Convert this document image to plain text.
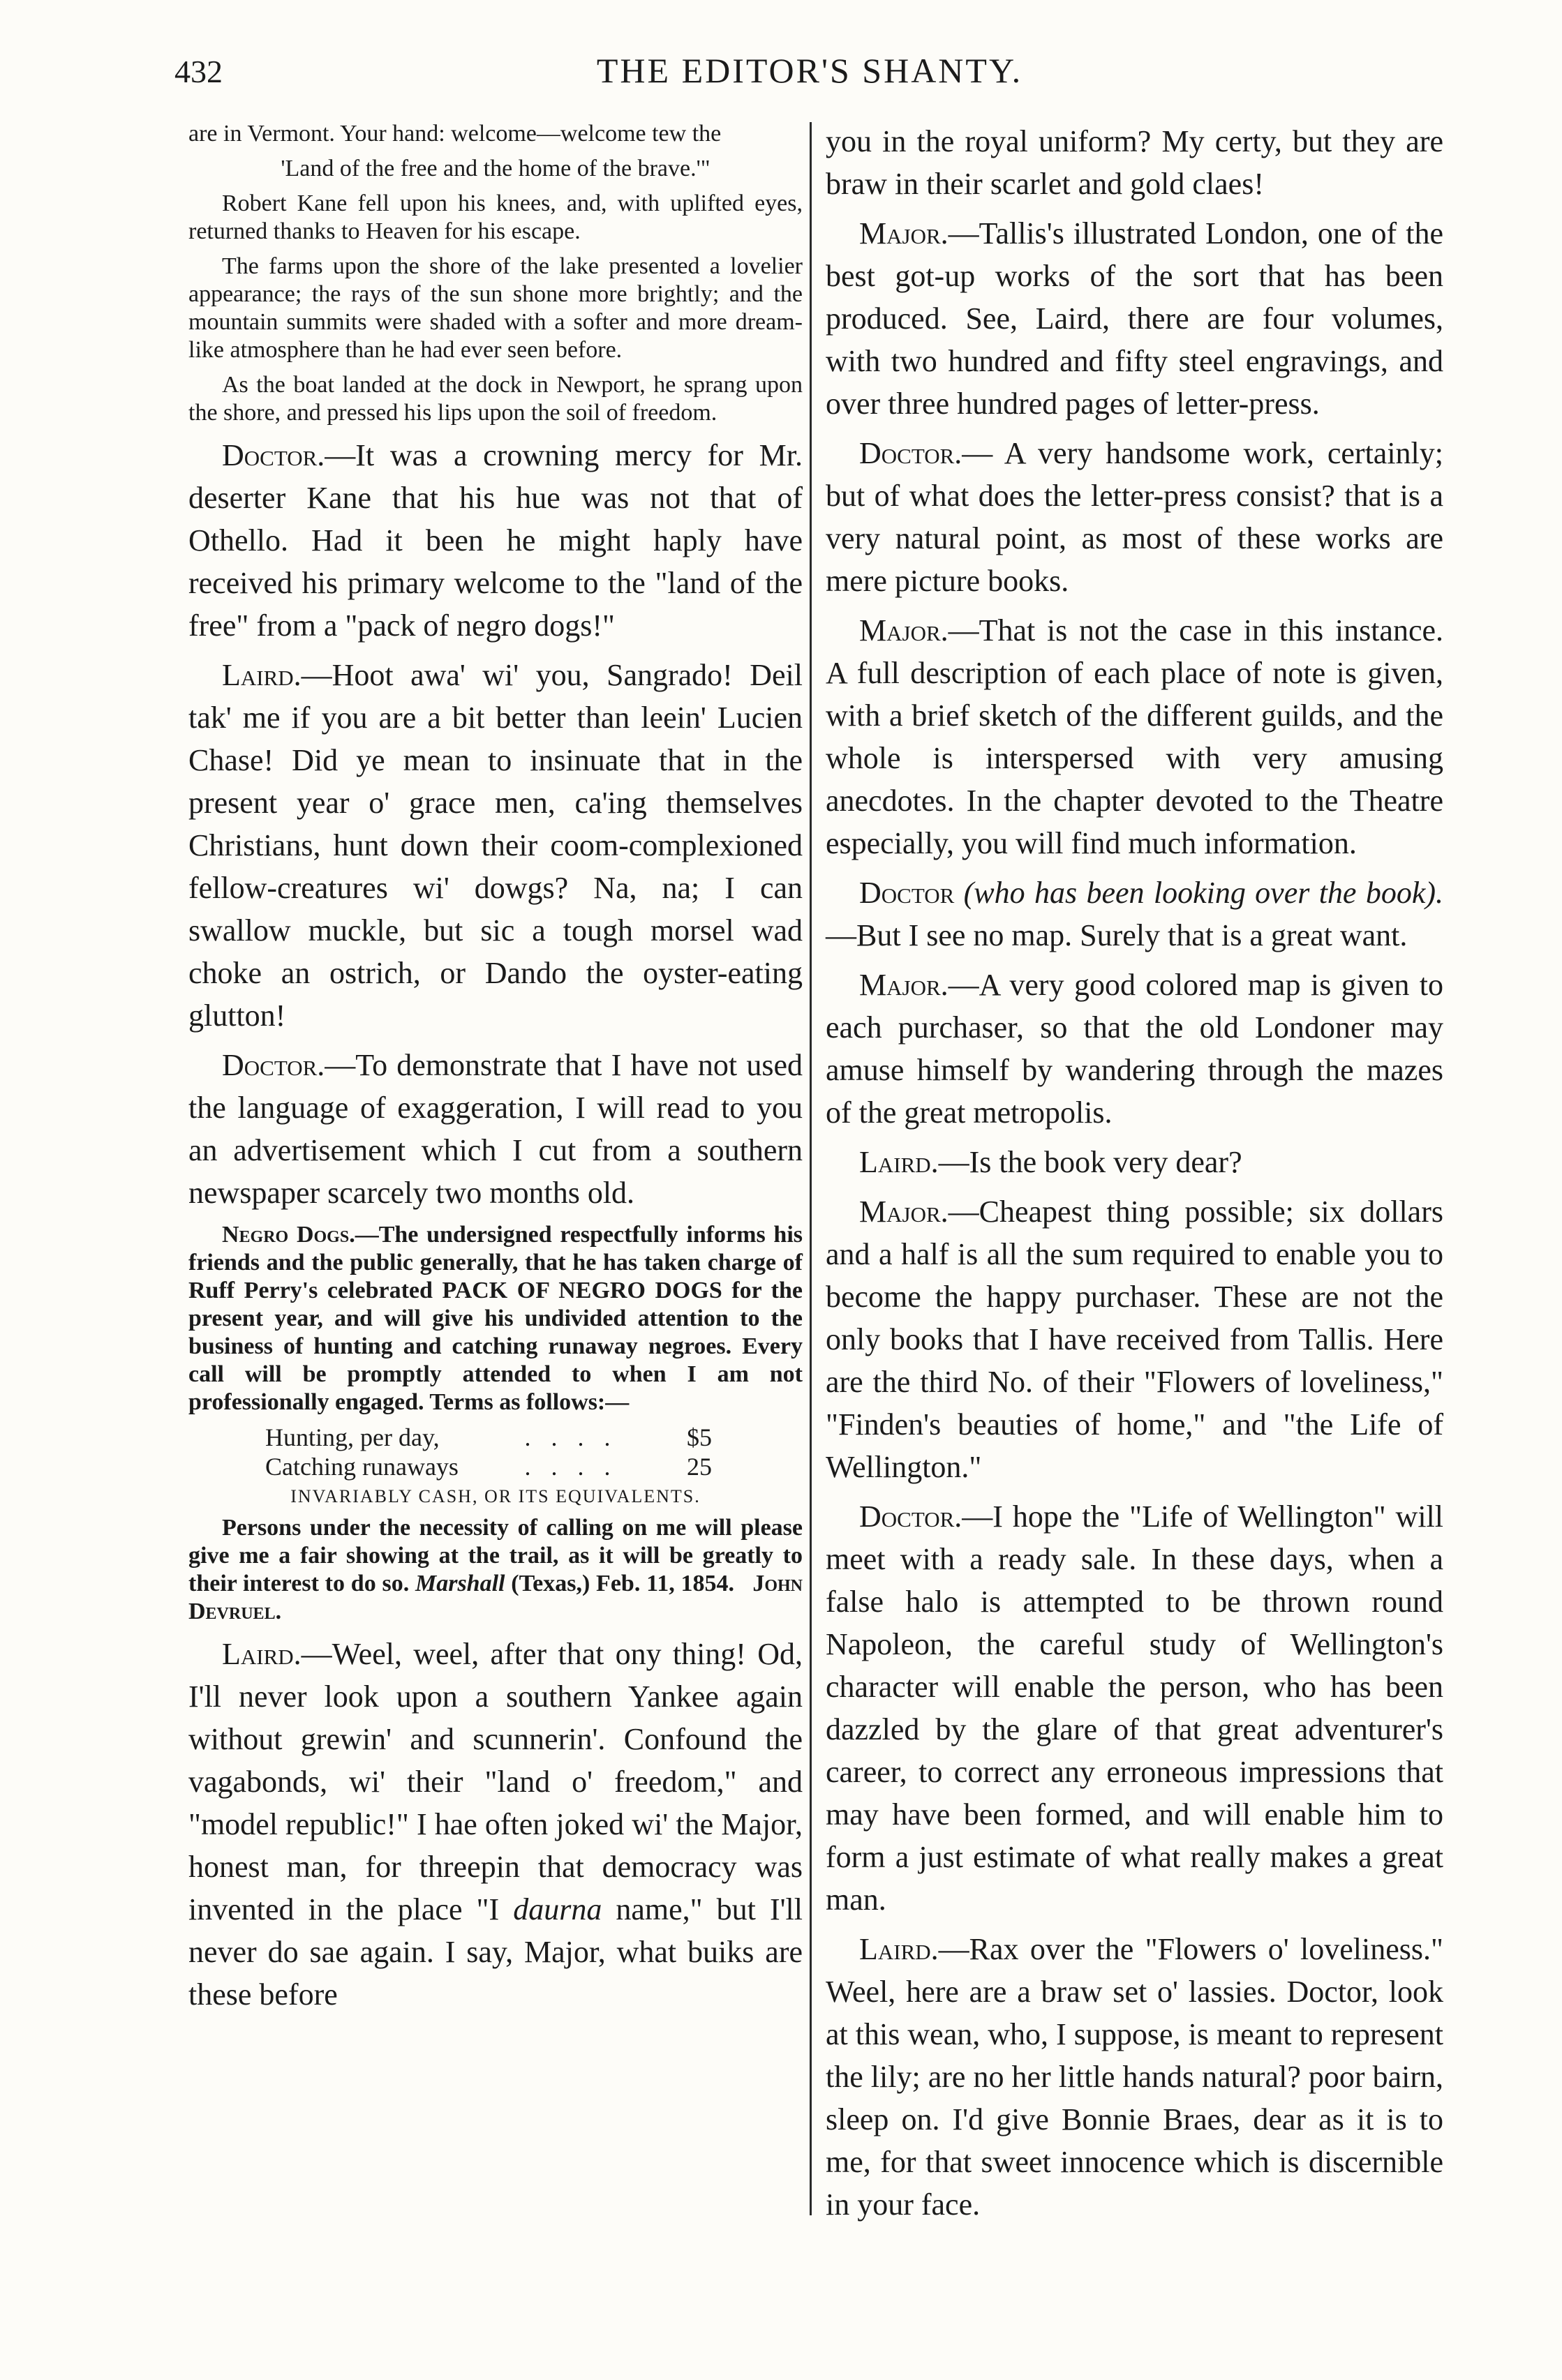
432	THE EDITOR'S SHANTY.

are in Vermont. Your hand: welcome—welcome tew the

'Land of the free and the home of the brave.'"

Robert Kane fell upon his knees, and, with uplifted eyes, returned thanks to Heaven for his escape.

The farms upon the shore of the lake presented a lovelier appearance; the rays of the sun shone more brightly; and the mountain summits were shaded with a softer and more dream-like atmosphere than he had ever seen before.

As the boat landed at the dock in Newport, he sprang upon the shore, and pressed his lips upon the soil of freedom.

Doctor.—It was a crowning mercy for Mr. deserter Kane that his hue was not that of Othello. Had it been he might haply have received his primary welcome to the "land of the free" from a "pack of negro dogs!"

Laird.—Hoot awa' wi' you, Sangrado! Deil tak' me if you are a bit better than leein' Lucien Chase! Did ye mean to insinuate that in the present year o' grace men, ca'ing themselves Christians, hunt down their coom-complexioned fellow-creatures wi' dowgs? Na, na; I can swallow muckle, but sic a tough morsel wad choke an ostrich, or Dando the oyster-eating glutton!

Doctor.—To demonstrate that I have not used the language of exaggeration, I will read to you an advertisement which I cut from a southern newspaper scarcely two months old.

Negro Dogs.—The undersigned respectfully informs his friends and the public generally, that he has taken charge of Ruff Perry's celebrated PACK OF NEGRO DOGS for the present year, and will give his undivided attention to the business of hunting and catching runaway negroes. Every call will be promptly attended to when I am not professionally engaged. Terms as follows:—

Hunting, per day,	. . . .	$5
Catching runaways	. . . .	25

INVARIABLY CASH, OR ITS EQUIVALENTS.

Persons under the necessity of calling on me will please give me a fair showing at the trail, as it will be greatly to their interest to do so. Marshall (Texas,) Feb. 11, 1854. John Devruel.

Laird.—Weel, weel, after that ony thing! Od, I'll never look upon a southern Yankee again without grewin' and scunnerin'. Confound the vagabonds, wi' their "land o' freedom," and "model republic!" I hae often joked wi' the Major, honest man, for threepin that democracy was invented in the place "I daurna name," but I'll never do sae again. I say, Major, what buiks are these before

you in the royal uniform? My certy, but they are braw in their scarlet and gold claes!

Major.—Tallis's illustrated London, one of the best got-up works of the sort that has been produced. See, Laird, there are four volumes, with two hundred and fifty steel engravings, and over three hundred pages of letter-press.

Doctor.— A very handsome work, certainly; but of what does the letter-press consist? that is a very natural point, as most of these works are mere picture books.

Major.—That is not the case in this instance. A full description of each place of note is given, with a brief sketch of the different guilds, and the whole is interspersed with very amusing anecdotes. In the chapter devoted to the Theatre especially, you will find much information.

Doctor (who has been looking over the book).—But I see no map. Surely that is a great want.

Major.—A very good colored map is given to each purchaser, so that the old Londoner may amuse himself by wandering through the mazes of the great metropolis.

Laird.—Is the book very dear?

Major.—Cheapest thing possible; six dollars and a half is all the sum required to enable you to become the happy purchaser. These are not the only books that I have received from Tallis. Here are the third No. of their "Flowers of loveliness," "Finden's beauties of home," and "the Life of Wellington."

Doctor.—I hope the "Life of Wellington" will meet with a ready sale. In these days, when a false halo is attempted to be thrown round Napoleon, the careful study of Wellington's character will enable the person, who has been dazzled by the glare of that great adventurer's career, to correct any erroneous impressions that may have been formed, and will enable him to form a just estimate of what really makes a great man.

Laird.—Rax over the "Flowers o' loveliness." Weel, here are a braw set o' lassies. Doctor, look at this wean, who, I suppose, is meant to represent the lily; are no her little hands natural? poor bairn, sleep on. I'd give Bonnie Braes, dear as it is to me, for that sweet innocence which is discernible in your face.
